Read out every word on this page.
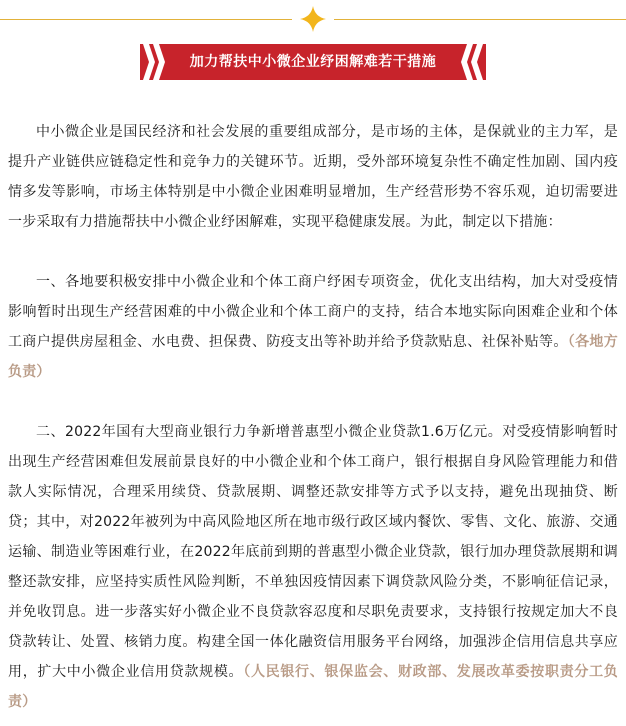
加力帮扶中小微企业纾困解难若干措施

中小微企业是国民经济和社会发展的重要组成部分，是市场的主体，是保就业的主力军，是提升产业链供应链稳定性和竞争力的关键环节。近期，受外部环境复杂性不确定性加剧、国内疫情多发等影响，市场主体特别是中小微企业困难明显增加，生产经营形势不容乐观，迫切需要进一步采取有力措施帮扶中小微企业纾困解难，实现平稳健康发展。为此，制定以下措施：

一、各地要积极安排中小微企业和个体工商户纾困专项资金，优化支出结构，加大对受疫情影响暂时出现生产经营困难的中小微企业和个体工商户的支持，结合本地实际向困难企业和个体工商户提供房屋租金、水电费、担保费、防疫支出等补助并给予贷款贴息、社保补贴等。（各地方负责）

二、2022年国有大型商业银行力争新增普惠型小微企业贷款1.6万亿元。对受疫情影响暂时出现生产经营困难但发展前景良好的中小微企业和个体工商户，银行根据自身风险管理能力和借款人实际情况，合理采用续贷、贷款展期、调整还款安排等方式予以支持，避免出现抽贷、断贷；其中，对2022年被列为中高风险地区所在地市级行政区域内餐饮、零售、文化、旅游、交通运输、制造业等困难行业，在2022年底前到期的普惠型小微企业贷款，银行加办理贷款展期和调整还款安排，应坚持实质性风险判断，不单独因疫情因素下调贷款风险分类，不影响征信记录，并免收罚息。进一步落实好小微企业不良贷款容忍度和尽职免责要求，支持银行按规定加大不良贷款转让、处置、核销力度。构建全国一体化融资信用服务平台网络，加强涉企信用信息共享应用，扩大中小微企业信用贷款规模。（人民银行、银保监会、财政部、发展改革委按职责分工负责）
